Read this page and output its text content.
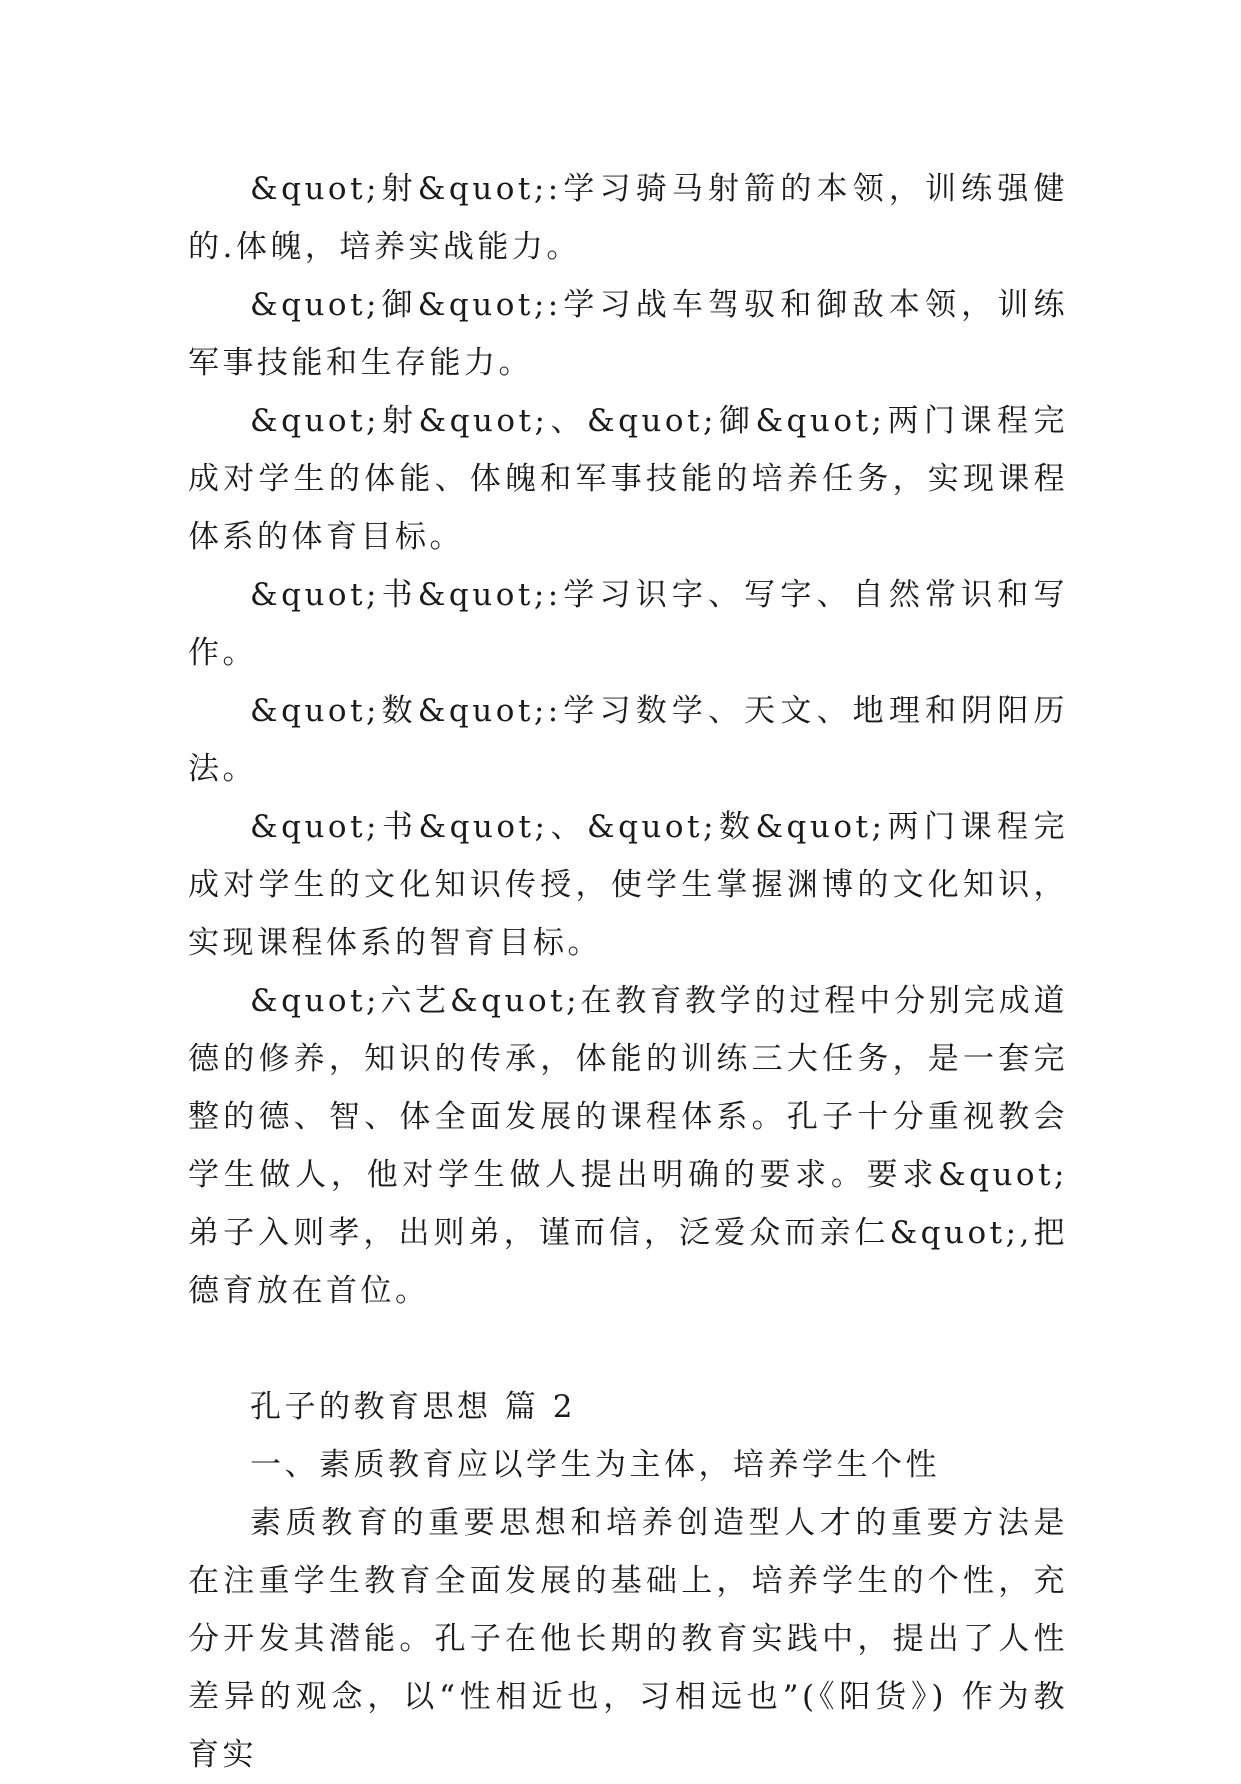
&quot;射&quot;:学习骑马射箭的本领，训练强健的.体魄，培养实战能力。

&quot;御&quot;:学习战车驾驭和御敌本领，训练军事技能和生存能力。

&quot;射&quot;、&quot;御&quot;两门课程完成对学生的体能、体魄和军事技能的培养任务，实现课程体系的体育目标。

&quot;书&quot;:学习识字、写字、自然常识和写作。

&quot;数&quot;:学习数学、天文、地理和阴阳历法。

&quot;书&quot;、&quot;数&quot;两门课程完成对学生的文化知识传授，使学生掌握渊博的文化知识，实现课程体系的智育目标。

&quot;六艺&quot;在教育教学的过程中分别完成道德的修养，知识的传承，体能的训练三大任务，是一套完整的德、智、体全面发展的课程体系。孔子十分重视教会学生做人，他对学生做人提出明确的要求。要求&quot;弟子入则孝，出则弟，谨而信，泛爱众而亲仁&quot;,把德育放在首位。

孔子的教育思想 篇 2

一、素质教育应以学生为主体，培养学生个性

素质教育的重要思想和培养创造型人才的重要方法是在注重学生教育全面发展的基础上，培养学生的个性，充分开发其潜能。孔子在他长期的教育实践中，提出了人性差异的观念，以“性相近也，习相远也”(《阳货》) 作为教育实
